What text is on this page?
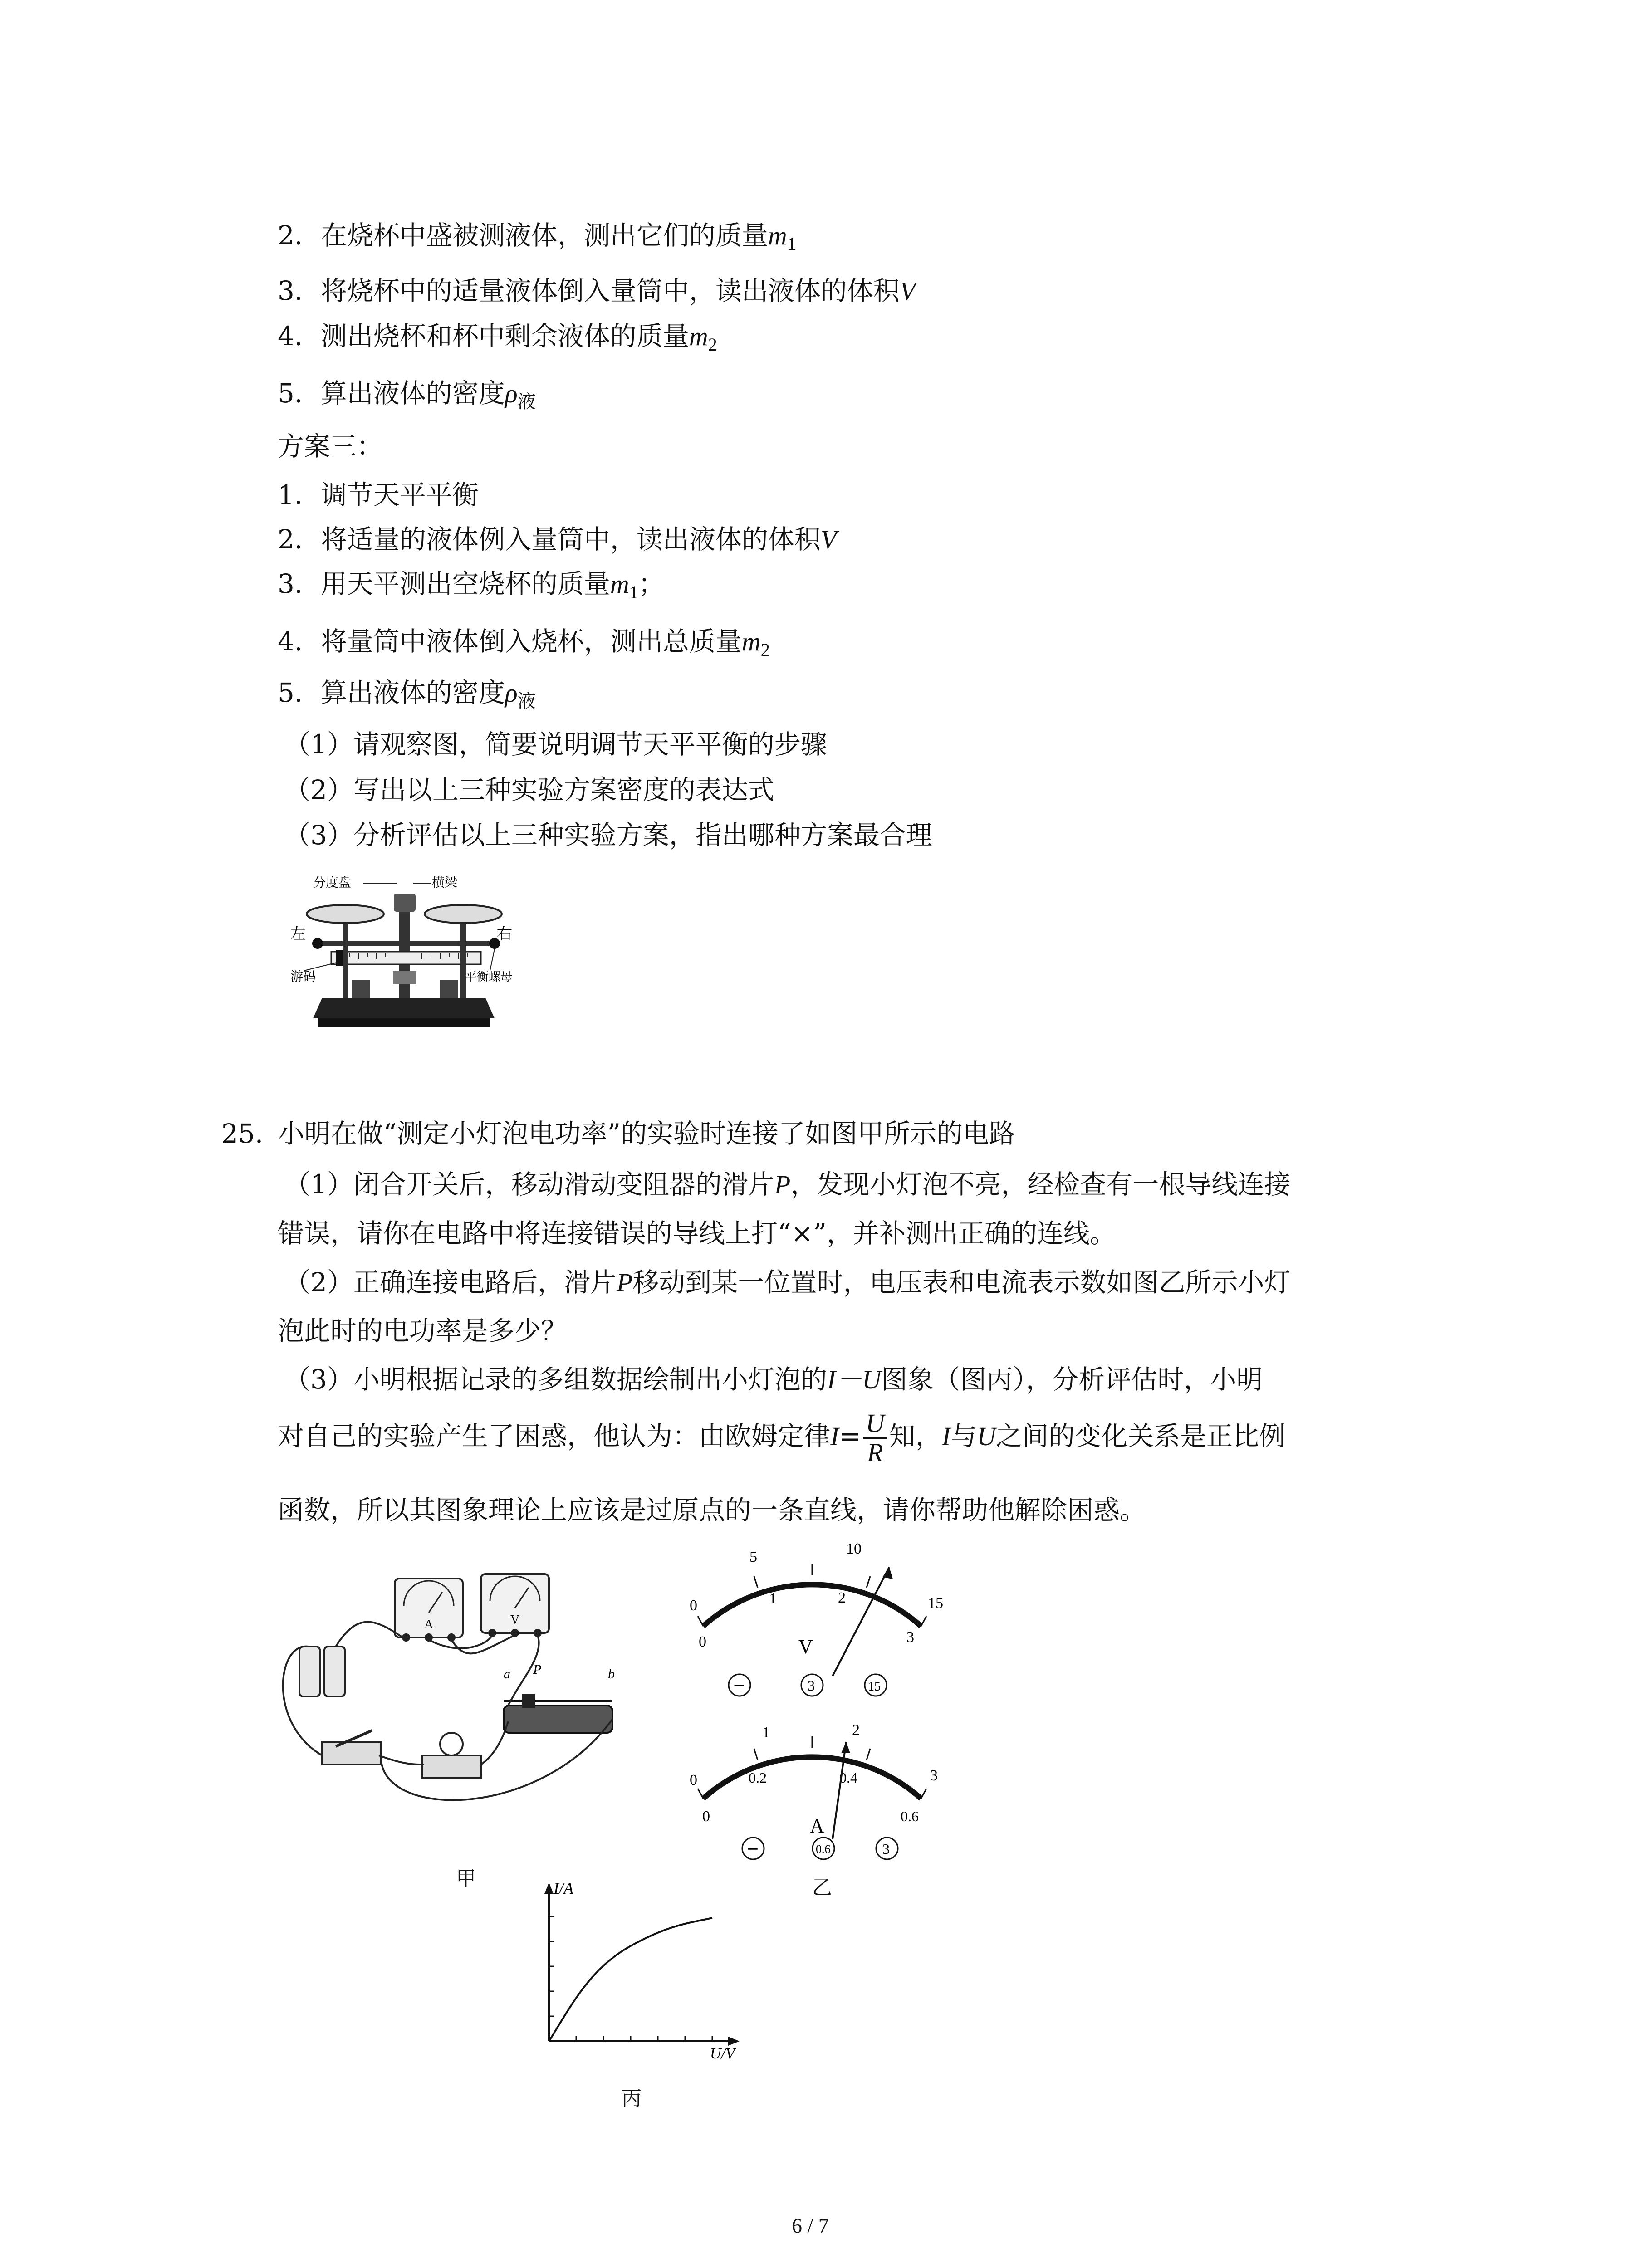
2．在烧杯中盛被测液体，测出它们的质量$m_1$
3．将烧杯中的适量液体倒入量筒中，读出液体的体积V
4．测出烧杯和杯中剩余液体的质量$m_2$
5．算出液体的密度$\rho_液$
方案三：
1．调节天平平衡
2．将适量的液体例入量筒中，读出液体的体积V
3．用天平测出空烧杯的质量$m_1$；
4．将量筒中液体倒入烧杯，测出总质量$m_2$
5．算出液体的密度$\rho_液$
（1）请观察图，简要说明调节天平平衡的步骤
（2）写出以上三种实验方案密度的表达式
（3）分析评估以上三种实验方案，指出哪种方案最合理
分度盘	横梁
左	右
游码	平衡螺母
25. 小明在做“测定小灯泡电功率”的实验时连接了如图甲所示的电路
（1）闭合开关后，移动滑动变阻器的滑片P，发现小灯泡不亮，经检查有一根导线连接
错误，请你在电路中将连接错误的导线上打“×”，并补测出正确的连线。
（2）正确连接电路后，滑片P移动到某一位置时，电压表和电流表示数如图乙所示小灯
泡此时的电功率是多少？
（3）小明根据记录的多组数据绘制出小灯泡的I－U图象（图丙），分析评估时，小明
对自己的实验产生了困惑，他认为：由欧姆定律$I= \frac{U}{R}$ 知，I与U之间的变化关系是正比例
函数，所以其图象理论上应该是过原点的一条直线，请你帮助他解除困惑。
A	V
a P	b
甲
0
5	10
15
0
1	2
3
V
−	3	15
0
1	2
3
0
0.2	0.4
0.6
A
−	0.6	3
乙
I/A
U/V
丙
6 / 7
